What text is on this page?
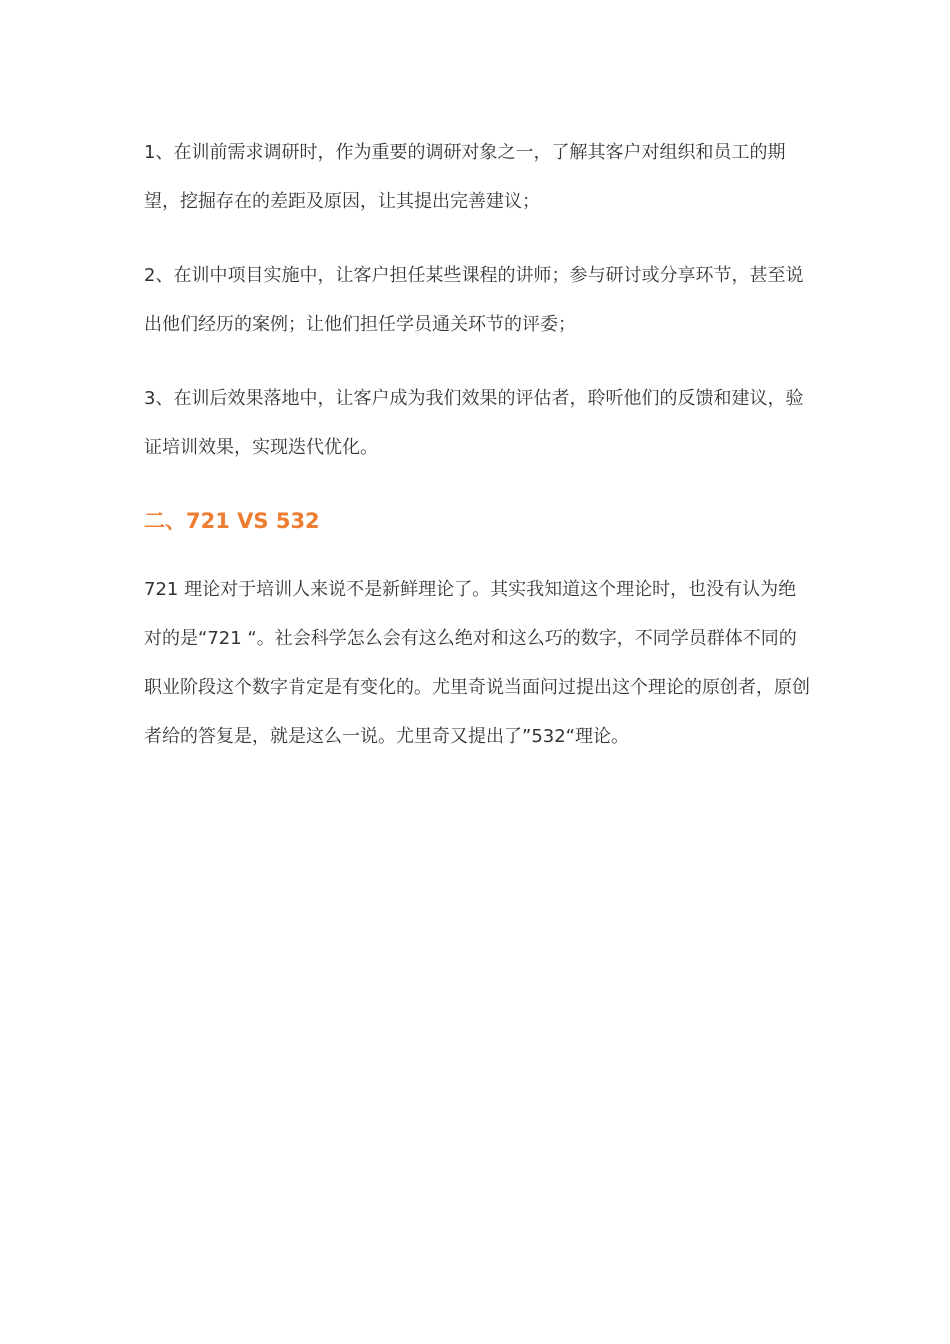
1、在训前需求调研时，作为重要的调研对象之一，了解其客户对组织和员工的期望，挖掘存在的差距及原因，让其提出完善建议；

2、在训中项目实施中，让客户担任某些课程的讲师；参与研讨或分享环节，甚至说出他们经历的案例；让他们担任学员通关环节的评委；

3、在训后效果落地中，让客户成为我们效果的评估者，聆听他们的反馈和建议，验证培训效果，实现迭代优化。

二、721 VS 532

721 理论对于培训人来说不是新鲜理论了。其实我知道这个理论时，也没有认为绝对的是“721 “。社会科学怎么会有这么绝对和这么巧的数字，不同学员群体不同的职业阶段这个数字肯定是有变化的。尤里奇说当面问过提出这个理论的原创者，原创者给的答复是，就是这么一说。尤里奇又提出了”532“理论。
